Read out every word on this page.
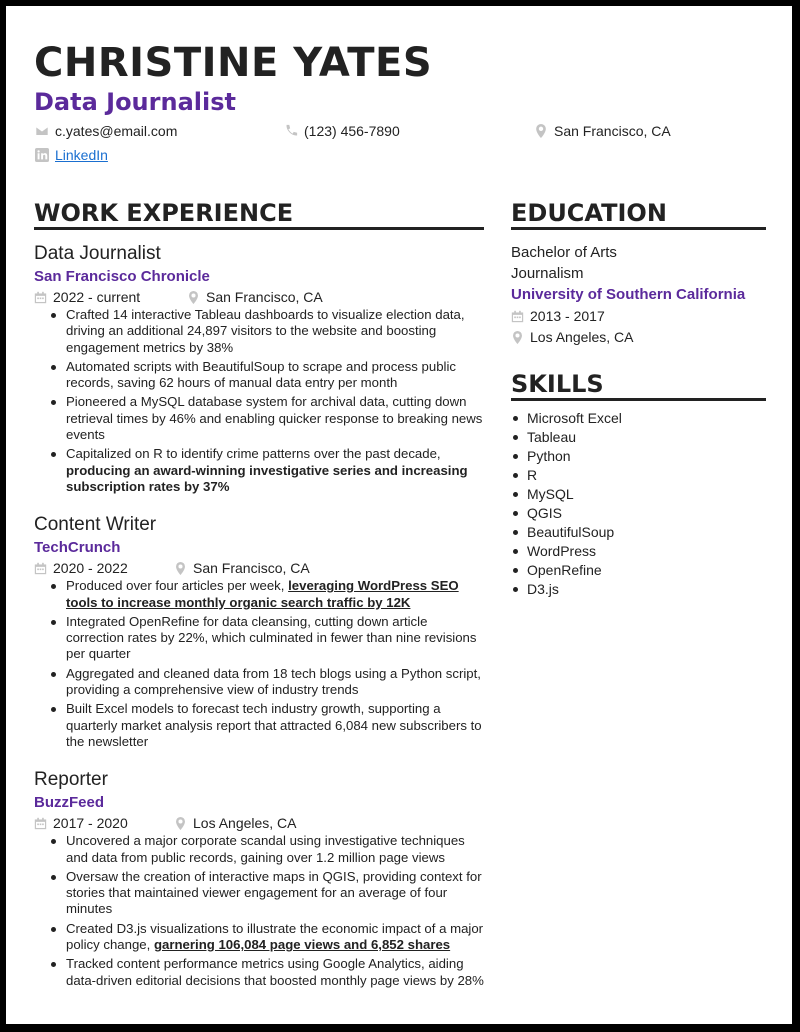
CHRISTINE YATES
Data Journalist
c.yates@email.com	(123) 456-7890	San Francisco, CA
LinkedIn
WORK EXPERIENCE	EDUCATION
Data Journalist
San Francisco Chronicle
2022 - current	San Francisco, CA
Crafted 14 interactive Tableau dashboards to visualize election data, driving an additional 24,897 visitors to the website and boosting engagement metrics by 38%
Automated scripts with BeautifulSoup to scrape and process public records, saving 62 hours of manual data entry per month
Pioneered a MySQL database system for archival data, cutting down retrieval times by 46% and enabling quicker response to breaking news events
Capitalized on R to identify crime patterns over the past decade, producing an award-winning investigative series and increasing subscription rates by 37%
Content Writer
TechCrunch
2020 - 2022	San Francisco, CA
Produced over four articles per week, leveraging WordPress SEO tools to increase monthly organic search traffic by 12K
Integrated OpenRefine for data cleansing, cutting down article correction rates by 22%, which culminated in fewer than nine revisions per quarter
Aggregated and cleaned data from 18 tech blogs using a Python script, providing a comprehensive view of industry trends
Built Excel models to forecast tech industry growth, supporting a quarterly market analysis report that attracted 6,084 new subscribers to the newsletter
Reporter
BuzzFeed
2017 - 2020	Los Angeles, CA
Uncovered a major corporate scandal using investigative techniques and data from public records, gaining over 1.2 million page views
Oversaw the creation of interactive maps in QGIS, providing context for stories that maintained viewer engagement for an average of four minutes
Created D3.js visualizations to illustrate the economic impact of a major policy change, garnering 106,084 page views and 6,852 shares
Tracked content performance metrics using Google Analytics, aiding data-driven editorial decisions that boosted monthly page views by 28%
Bachelor of Arts
Journalism
University of Southern California
2013 - 2017
Los Angeles, CA
SKILLS
Microsoft Excel
Tableau
Python
R
MySQL
QGIS
BeautifulSoup
WordPress
OpenRefine
D3.js
